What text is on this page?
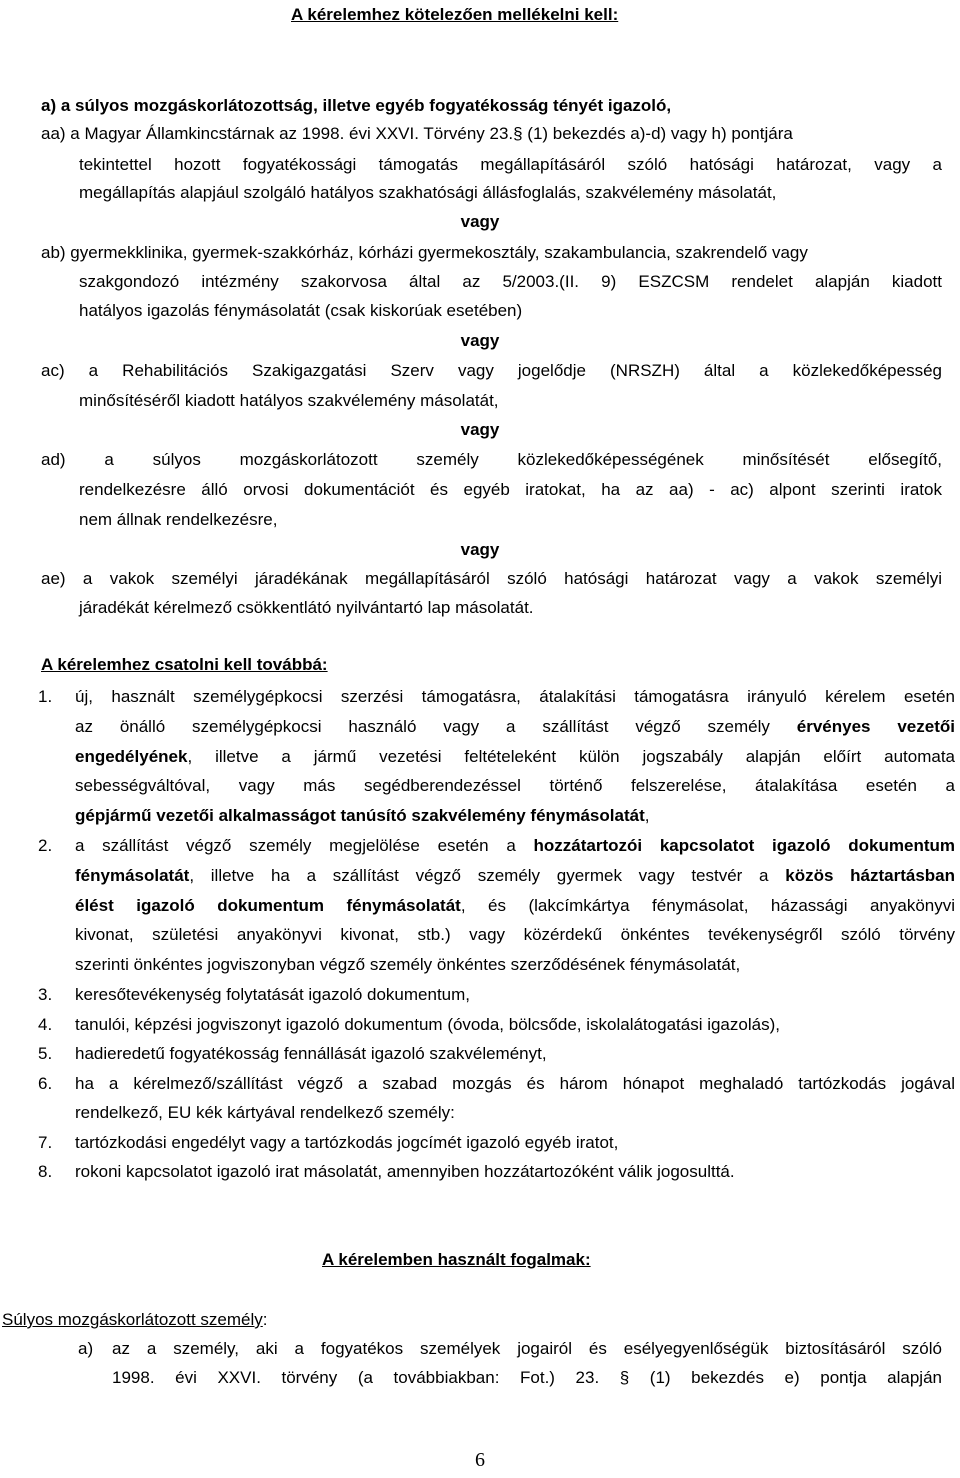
A kérelemhez kötelezően mellékelni kell:
a) a súlyos mozgáskorlátozottság, illetve egyéb fogyatékosság tényét igazoló,
aa) a Magyar Államkincstárnak az 1998. évi XXVI. Törvény 23.§ (1) bekezdés a)-d) vagy h) pontjára
tekintettel hozott fogyatékossági támogatás megállapításáról szóló hatósági határozat, vagy a
megállapítás alapjául szolgáló hatályos szakhatósági állásfoglalás, szakvélemény másolatát,
vagy
ab) gyermekklinika, gyermek-szakkórház, kórházi gyermekosztály, szakambulancia, szakrendelő vagy
szakgondozó intézmény szakorvosa által az 5/2003.(II. 9) ESZCSM rendelet alapján kiadott
hatályos igazolás fénymásolatát (csak kiskorúak esetében)
vagy
ac) a Rehabilitációs Szakigazgatási Szerv vagy jogelődje (NRSZH) által a közlekedőképesség
minősítéséről kiadott hatályos szakvélemény másolatát,
vagy
ad) a súlyos mozgáskorlátozott személy közlekedőképességének minősítését elősegítő,
rendelkezésre álló orvosi dokumentációt és egyéb iratokat, ha az aa) - ac) alpont szerinti iratok
nem állnak rendelkezésre,
vagy
ae) a vakok személyi járadékának megállapításáról szóló hatósági határozat vagy a vakok személyi
járadékát kérelmező csökkentlátó nyilvántartó lap másolatát.
A kérelemhez csatolni kell továbbá:
1. új, használt személygépkocsi szerzési támogatásra, átalakítási támogatásra irányuló kérelem esetén
az önálló személygépkocsi használó vagy a szállítást végző személy érvényes vezetői
engedélyének, illetve a jármű vezetési feltételeként külön jogszabály alapján előírt automata
sebességváltóval, vagy más segédberendezéssel történő felszerelése, átalakítása esetén a
gépjármű vezetői alkalmasságot tanúsító szakvélemény fénymásolatát,
2. a szállítást végző személy megjelölése esetén a hozzátartozói kapcsolatot igazoló dokumentum
fénymásolatát, illetve ha a szállítást végző személy gyermek vagy testvér a közös háztartásban
élést igazoló dokumentum fénymásolatát, és (lakcímkártya fénymásolat, házassági anyakönyvi
kivonat, születési anyakönyvi kivonat, stb.) vagy közérdekű önkéntes tevékenységről szóló törvény
szerinti önkéntes jogviszonyban végző személy önkéntes szerződésének fénymásolatát,
3. keresőtevékenység folytatását igazoló dokumentum,
4. tanulói, képzési jogviszonyt igazoló dokumentum (óvoda, bölcsőde, iskolalátogatási igazolás),
5. hadieredetű fogyatékosság fennállását igazoló szakvéleményt,
6. ha a kérelmező/szállítást végző a szabad mozgás és három hónapot meghaladó tartózkodás jogával
rendelkező, EU kék kártyával rendelkező személy:
7. tartózkodási engedélyt vagy a tartózkodás jogcímét igazoló egyéb iratot,
8. rokoni kapcsolatot igazoló irat másolatát, amennyiben hozzátartozóként válik jogosulttá.
A kérelemben használt fogalmak:
Súlyos mozgáskorlátozott személy:
a) az a személy, aki a fogyatékos személyek jogairól és esélyegyenlőségük biztosításáról szóló
1998. évi XXVI. törvény (a továbbiakban: Fot.) 23. § (1) bekezdés e) pontja alapján
6
